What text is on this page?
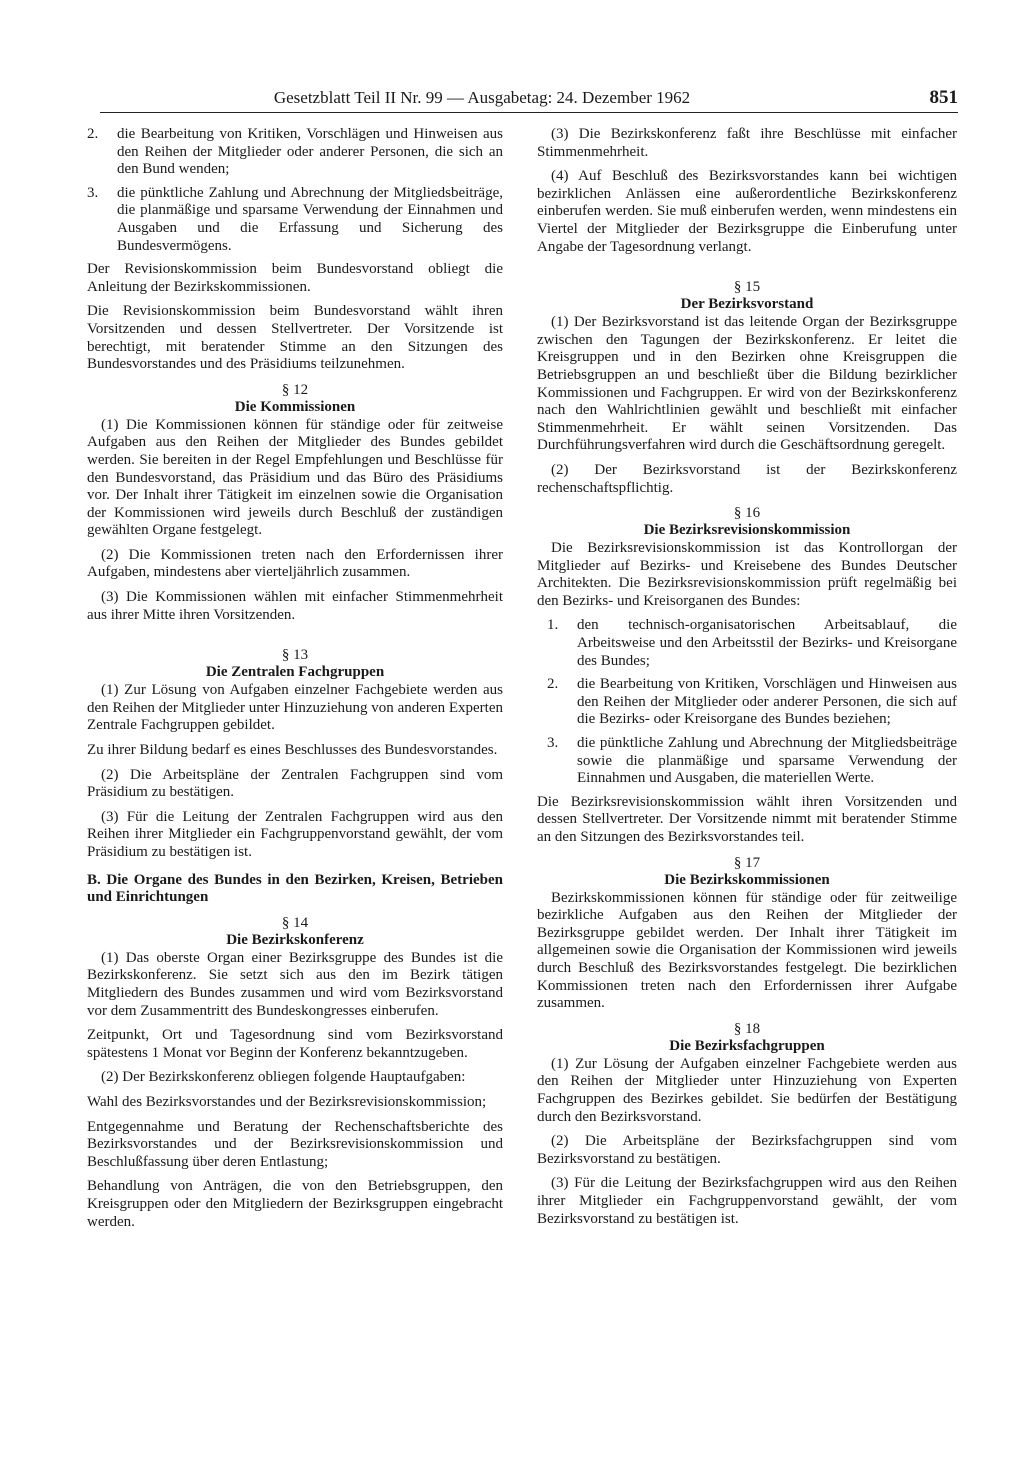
Gesetzblatt Teil II Nr. 99 — Ausgabetag: 24. Dezember 1962	851
2.	die Bearbeitung von Kritiken, Vorschlägen und Hinweisen aus den Reihen der Mitglieder oder anderer Personen, die sich an den Bund wenden;
3.	die pünktliche Zahlung und Abrechnung der Mitgliedsbeiträge, die planmäßige und sparsame Verwendung der Einnahmen und Ausgaben und die Erfassung und Sicherung des Bundesvermögens.

Der Revisionskommission beim Bundesvorstand obliegt die Anleitung der Bezirkskommissionen.

Die Revisionskommission beim Bundesvorstand wählt ihren Vorsitzenden und dessen Stellvertreter. Der Vorsitzende ist berechtigt, mit beratender Stimme an den Sitzungen des Bundesvorstandes und des Präsidiums teilzunehmen.

§ 12
Die Kommissionen

(1) Die Kommissionen können für ständige oder für zeitweise Aufgaben aus den Reihen der Mitglieder des Bundes gebildet werden. Sie bereiten in der Regel Empfehlungen und Beschlüsse für den Bundesvorstand, das Präsidium und das Büro des Präsidiums vor. Der Inhalt ihrer Tätigkeit im einzelnen sowie die Organisation der Kommissionen wird jeweils durch Beschluß der zuständigen gewählten Organe festgelegt.

(2) Die Kommissionen treten nach den Erfordernissen ihrer Aufgaben, mindestens aber vierteljährlich zusammen.

(3) Die Kommissionen wählen mit einfacher Stimmenmehrheit aus ihrer Mitte ihren Vorsitzenden.

§ 13
Die Zentralen Fachgruppen

(1) Zur Lösung von Aufgaben einzelner Fachgebiete werden aus den Reihen der Mitglieder unter Hinzuziehung von anderen Experten Zentrale Fachgruppen gebildet.

Zu ihrer Bildung bedarf es eines Beschlusses des Bundesvorstandes.

(2) Die Arbeitspläne der Zentralen Fachgruppen sind vom Präsidium zu bestätigen.

(3) Für die Leitung der Zentralen Fachgruppen wird aus den Reihen ihrer Mitglieder ein Fachgruppenvorstand gewählt, der vom Präsidium zu bestätigen ist.

B. Die Organe des Bundes in den Bezirken, Kreisen, Betrieben und Einrichtungen
§ 14
Die Bezirkskonferenz

(1) Das oberste Organ einer Bezirksgruppe des Bundes ist die Bezirkskonferenz. Sie setzt sich aus den im Bezirk tätigen Mitgliedern des Bundes zusammen und wird vom Bezirksvorstand vor dem Zusammentritt des Bundeskongresses einberufen.

Zeitpunkt, Ort und Tagesordnung sind vom Bezirksvorstand spätestens 1 Monat vor Beginn der Konferenz bekanntzugeben.

(2) Der Bezirkskonferenz obliegen folgende Hauptaufgaben:

Wahl des Bezirksvorstandes und der Bezirksrevisionskommission;

Entgegennahme und Beratung der Rechenschaftsberichte des Bezirksvorstandes und der Bezirksrevisionskommission und Beschlußfassung über deren Entlastung;

Behandlung von Anträgen, die von den Betriebsgruppen, den Kreisgruppen oder den Mitgliedern der Bezirksgruppen eingebracht werden.

(3) Die Bezirkskonferenz faßt ihre Beschlüsse mit einfacher Stimmenmehrheit.

(4) Auf Beschluß des Bezirksvorstandes kann bei wichtigen bezirklichen Anlässen eine außerordentliche Bezirkskonferenz einberufen werden. Sie muß einberufen werden, wenn mindestens ein Viertel der Mitglieder der Bezirksgruppe die Einberufung unter Angabe der Tagesordnung verlangt.

§ 15
Der Bezirksvorstand

(1) Der Bezirksvorstand ist das leitende Organ der Bezirksgruppe zwischen den Tagungen der Bezirkskonferenz. Er leitet die Kreisgruppen und in den Bezirken ohne Kreisgruppen die Betriebsgruppen an und beschließt über die Bildung bezirklicher Kommissionen und Fachgruppen. Er wird von der Bezirkskonferenz nach den Wahlrichtlinien gewählt und beschließt mit einfacher Stimmenmehrheit. Er wählt seinen Vorsitzenden. Das Durchführungsverfahren wird durch die Geschäftsordnung geregelt.

(2) Der Bezirksvorstand ist der Bezirkskonferenz rechenschaftspflichtig.

§ 16
Die Bezirksrevisionskommission

Die Bezirksrevisionskommission ist das Kontrollorgan der Mitglieder auf Bezirks- und Kreisebene des Bundes Deutscher Architekten. Die Bezirksrevisionskommission prüft regelmäßig bei den Bezirks- und Kreisorganen des Bundes:

1.	den technisch-organisatorischen Arbeitsablauf, die Arbeitsweise und den Arbeitsstil der Bezirks- und Kreisorgane des Bundes;
2.	die Bearbeitung von Kritiken, Vorschlägen und Hinweisen aus den Reihen der Mitglieder oder anderer Personen, die sich auf die Bezirks- oder Kreisorgane des Bundes beziehen;
3.	die pünktliche Zahlung und Abrechnung der Mitgliedsbeiträge sowie die planmäßige und sparsame Verwendung der Einnahmen und Ausgaben, die materiellen Werte.

Die Bezirksrevisionskommission wählt ihren Vorsitzenden und dessen Stellvertreter. Der Vorsitzende nimmt mit beratender Stimme an den Sitzungen des Bezirksvorstandes teil.

§ 17
Die Bezirkskommissionen

Bezirkskommissionen können für ständige oder für zeitweilige bezirkliche Aufgaben aus den Reihen der Mitglieder der Bezirksgruppe gebildet werden. Der Inhalt ihrer Tätigkeit im allgemeinen sowie die Organisation der Kommissionen wird jeweils durch Beschluß des Bezirksvorstandes festgelegt. Die bezirklichen Kommissionen treten nach den Erfordernissen ihrer Aufgabe zusammen.

§ 18
Die Bezirksfachgruppen

(1) Zur Lösung der Aufgaben einzelner Fachgebiete werden aus den Reihen der Mitglieder unter Hinzuziehung von Experten Fachgruppen des Bezirkes gebildet. Sie bedürfen der Bestätigung durch den Bezirksvorstand.

(2) Die Arbeitspläne der Bezirksfachgruppen sind vom Bezirksvorstand zu bestätigen.

(3) Für die Leitung der Bezirksfachgruppen wird aus den Reihen ihrer Mitglieder ein Fachgruppenvorstand gewählt, der vom Bezirksvorstand zu bestätigen ist.
